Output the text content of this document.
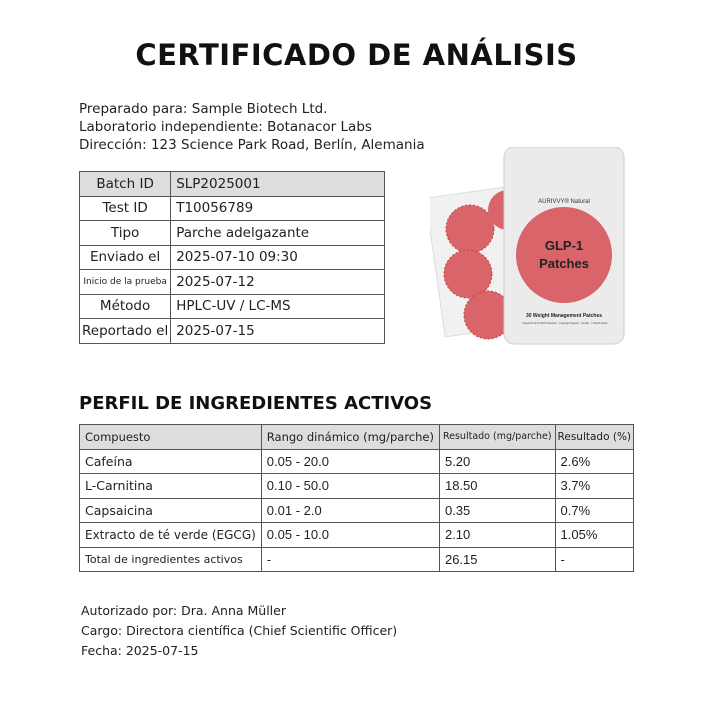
CERTIFICADO DE ANÁLISIS
Preparado para: Sample Biotech Ltd.
Laboratorio independiente: Botanacor Labs
Dirección: 123 Science Park Road, Berlín, Alemania
Batch ID	SLP2025001
Test ID	T10056789
Tipo	Parche adelgazante
Enviado el	2025-07-10 09:30
Inicio de la prueba	2025-07-12
Método	HPLC-UV / LC-MS
Reportado el	2025-07-15
AURIVVY® Natural
GLP-1
Patches
30 Weight Management Patches
· Supports GLP-Old Production · Cravings Support · Gentle · 1 Month Pack
PERFIL DE INGREDIENTES ACTIVOS
Compuesto	Rango dinámico (mg/parche)	Resultado (mg/parche)	Resultado (%)
Cafeína	0.05 - 20.0	5.20	2.6%
L-Carnitina	0.10 - 50.0	18.50	3.7%
Capsaicina	0.01 - 2.0	0.35	0.7%
Extracto de té verde (EGCG)	0.05 - 10.0	2.10	1.05%
Total de ingredientes activos	-	26.15	-
Autorizado por: Dra. Anna Müller
Cargo: Directora científica (Chief Scientific Officer)
Fecha: 2025-07-15
